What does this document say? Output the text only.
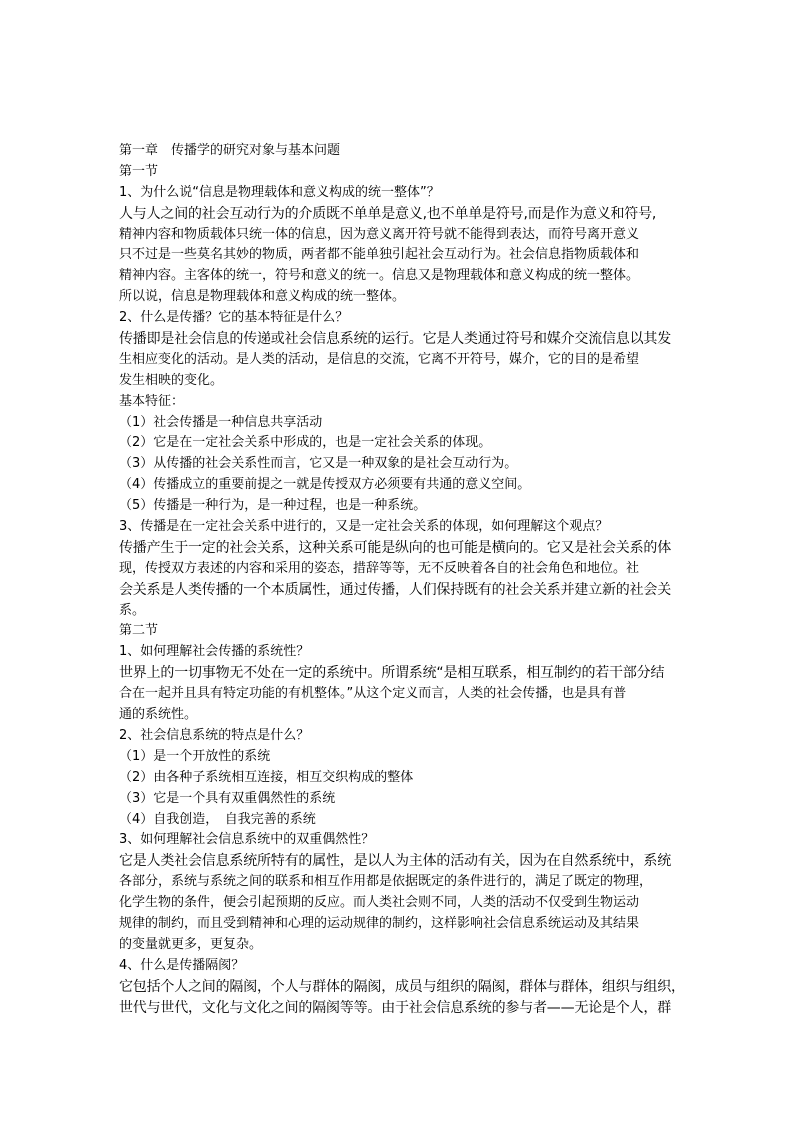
第一章　传播学的研究对象与基本问题
第一节
1、为什么说“信息是物理载体和意义构成的统一整体”？
人与人之间的社会互动行为的介质既不单单是意义,也不单单是符号,而是作为意义和符号,
精神内容和物质载体只统一体的信息，因为意义离开符号就不能得到表达，而符号离开意义
只不过是一些莫名其妙的物质，两者都不能单独引起社会互动行为。社会信息指物质载体和
精神内容。主客体的统一，符号和意义的统一。信息又是物理载体和意义构成的统一整体。
所以说，信息是物理载体和意义构成的统一整体。
2、什么是传播？它的基本特征是什么？
传播即是社会信息的传递或社会信息系统的运行。它是人类通过符号和媒介交流信息以其发
生相应变化的活动。是人类的活动，是信息的交流，它离不开符号，媒介，它的目的是希望
发生相映的变化。
基本特征：
（1）社会传播是一种信息共享活动
（2）它是在一定社会关系中形成的，也是一定社会关系的体现。
（3）从传播的社会关系性而言，它又是一种双象的是社会互动行为。
（4）传播成立的重要前提之一就是传授双方必须要有共通的意义空间。
（5）传播是一种行为，是一种过程，也是一种系统。
3、传播是在一定社会关系中进行的，又是一定社会关系的体现，如何理解这个观点？
传播产生于一定的社会关系，这种关系可能是纵向的也可能是横向的。它又是社会关系的体
现，传授双方表述的内容和采用的姿态，措辞等等，无不反映着各自的社会角色和地位。社
会关系是人类传播的一个本质属性，通过传播，人们保持既有的社会关系并建立新的社会关
系。
第二节
1、如何理解社会传播的系统性？
世界上的一切事物无不处在一定的系统中。所谓系统“是相互联系，相互制约的若干部分结
合在一起并且具有特定功能的有机整体。”从这个定义而言，人类的社会传播，也是具有普
通的系统性。
2、社会信息系统的特点是什么？
（1）是一个开放性的系统
（2）由各种子系统相互连接，相互交织构成的整体
（3）它是一个具有双重偶然性的系统
（4）自我创造，　自我完善的系统
3、如何理解社会信息系统中的双重偶然性？
它是人类社会信息系统所特有的属性，是以人为主体的活动有关，因为在自然系统中，系统
各部分，系统与系统之间的联系和相互作用都是依据既定的条件进行的，满足了既定的物理，
化学生物的条件，便会引起预期的反应。而人类社会则不同，人类的活动不仅受到生物运动
规律的制约，而且受到精神和心理的运动规律的制约，这样影响社会信息系统运动及其结果
的变量就更多，更复杂。
4、什么是传播隔阂？
它包括个人之间的隔阂，个人与群体的隔阂，成员与组织的隔阂，群体与群体，组织与组织，
世代与世代，文化与文化之间的隔阂等等。由于社会信息系统的参与者——无论是个人，群
